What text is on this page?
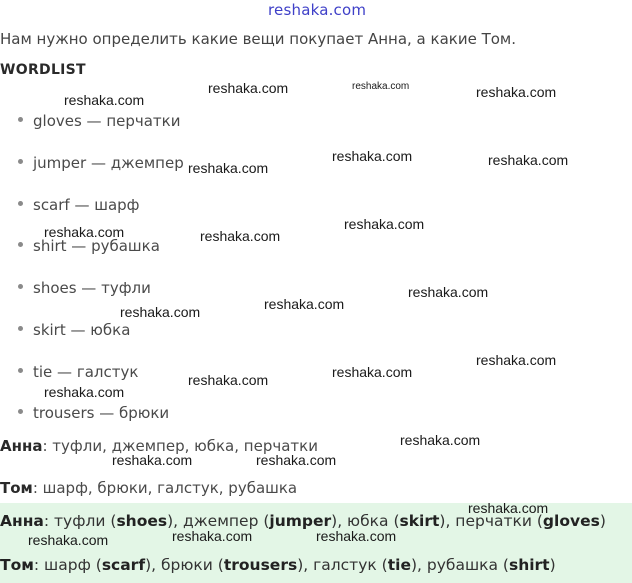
reshaka.com
Нам нужно определить какие вещи покупает Анна, а какие Том.
WORDLIST
gloves — перчатки
jumper — джемпер
scarf — шарф
shirt — рубашка
shoes — туфли
skirt — юбка
tie — галстук
trousers — брюки
Анна: туфли, джемпер, юбка, перчатки
Том: шарф, брюки, галстук, рубашка
Анна: туфли (shoes), джемпер (jumper), юбка (skirt), перчатки (gloves)
Том: шарф (scarf), брюки (trousers), галстук (tie), рубашка (shirt)
reshaka.com
reshaka.com	reshaka.com	reshaka.com
reshaka.com
reshaka.com	reshaka.com
reshaka.com
reshaka.com	reshaka.com
reshaka.com
reshaka.com
reshaka.com
reshaka.com
reshaka.com	reshaka.com
reshaka.com
reshaka.com
reshaka.com	reshaka.com
reshaka.com
reshaka.com	reshaka.com	reshaka.com
